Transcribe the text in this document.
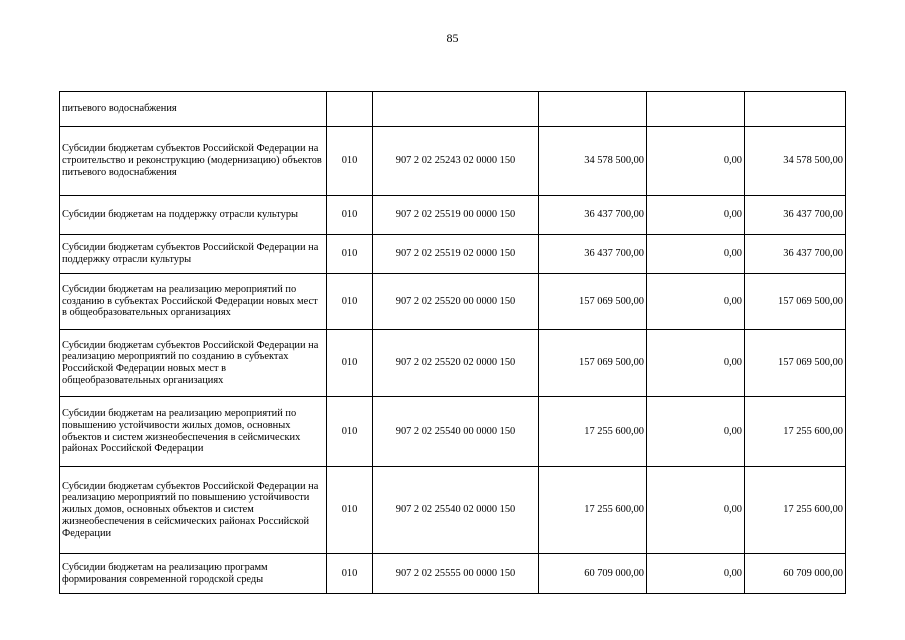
85
питьевого водоснабжения					
Субсидии бюджетам субъектов Российской Федерации на строительство и реконструкцию (модернизацию) объектов питьевого водоснабжения	010	907 2 02 25243 02 0000 150	34 578 500,00	0,00	34 578 500,00
Субсидии бюджетам на поддержку отрасли культуры	010	907 2 02 25519 00 0000 150	36 437 700,00	0,00	36 437 700,00
Субсидии бюджетам субъектов Российской Федерации на поддержку отрасли культуры	010	907 2 02 25519 02 0000 150	36 437 700,00	0,00	36 437 700,00
Субсидии бюджетам на реализацию мероприятий по созданию в субъектах Российской Федерации новых мест в общеобразовательных организациях	010	907 2 02 25520 00 0000 150	157 069 500,00	0,00	157 069 500,00
Субсидии бюджетам субъектов Российской Федерации на реализацию мероприятий по созданию в субъектах Российской Федерации новых мест в общеобразовательных организациях	010	907 2 02 25520 02 0000 150	157 069 500,00	0,00	157 069 500,00
Субсидии бюджетам на реализацию мероприятий по повышению устойчивости жилых домов, основных объектов и систем жизнеобеспечения в сейсмических районах Российской Федерации	010	907 2 02 25540 00 0000 150	17 255 600,00	0,00	17 255 600,00
Субсидии бюджетам субъектов Российской Федерации на реализацию мероприятий по повышению устойчивости жилых домов, основных объектов и систем жизнеобеспечения в сейсмических районах Российской Федерации	010	907 2 02 25540 02 0000 150	17 255 600,00	0,00	17 255 600,00
Субсидии бюджетам на реализацию программ формирования современной городской среды	010	907 2 02 25555 00 0000 150	60 709 000,00	0,00	60 709 000,00
